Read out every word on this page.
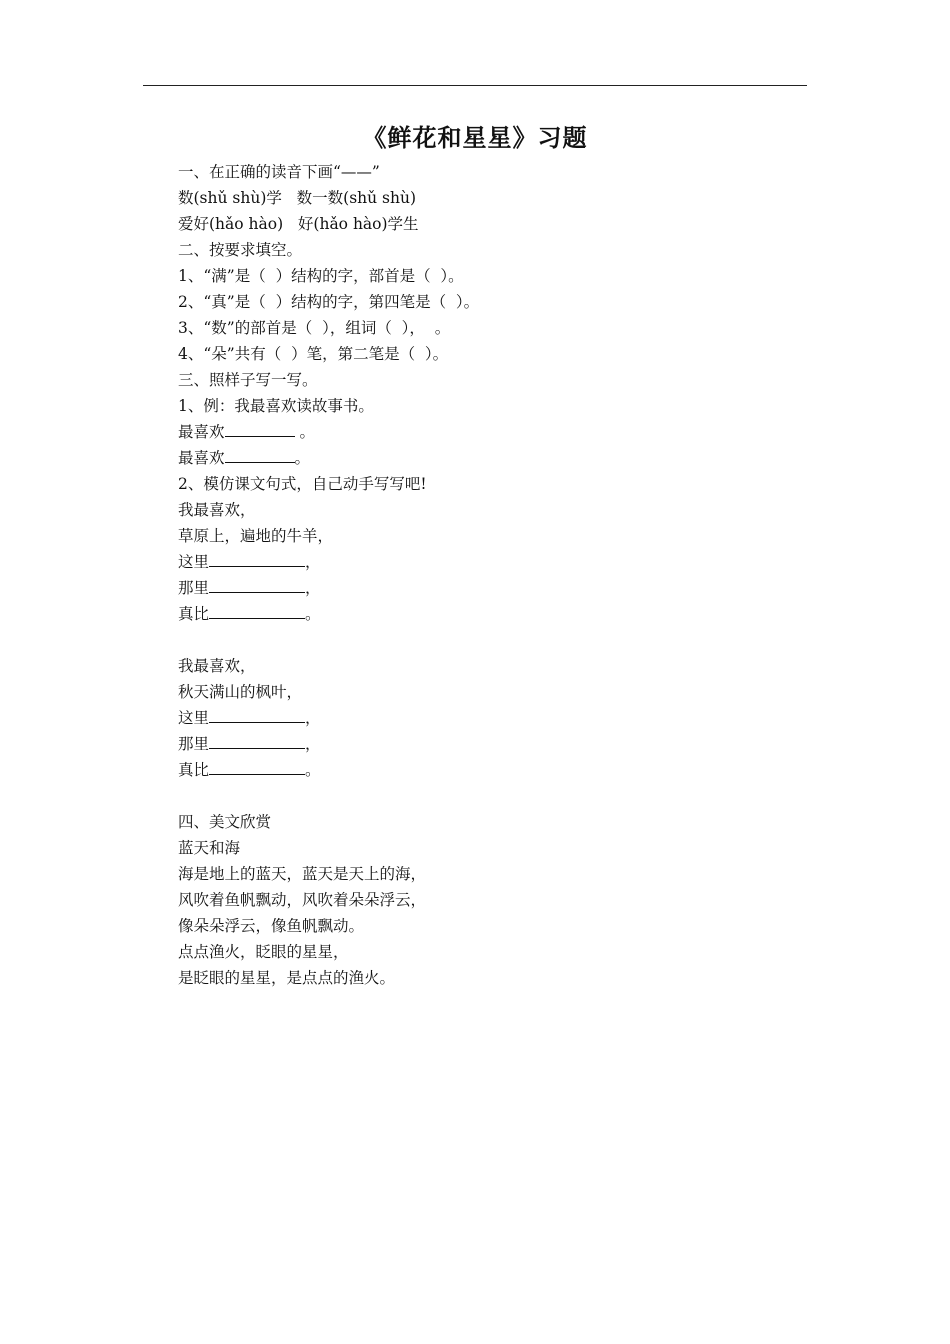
《鲜花和星星》习题
一、在正确的读音下画“——”
数(shǔ shù)学   数一数(shǔ shù)
爱好(hǎo hào)   好(hǎo hào)学生
二、按要求填空。
1、“满”是（  ）结构的字，部首是（  ）。
2、“真”是（  ）结构的字，第四笔是（  ）。
3、“数”的部首是（  ），组词（  ），  。
4、“朵”共有（  ）笔，第二笔是（  ）。
三、照样子写一写。
1、例：我最喜欢读故事书。
最喜欢	。
最喜欢	。
2、模仿课文句式，自己动手写写吧!
我最喜欢，
草原上，遍地的牛羊，
这里	，
那里	，
真比	。
我最喜欢，
秋天满山的枫叶，
这里	，
那里	，
真比	。
四、美文欣赏
蓝天和海
海是地上的蓝天，蓝天是天上的海，
风吹着鱼帆飘动，风吹着朵朵浮云，
像朵朵浮云，像鱼帆飘动。
点点渔火，眨眼的星星，
是眨眼的星星，是点点的渔火。
